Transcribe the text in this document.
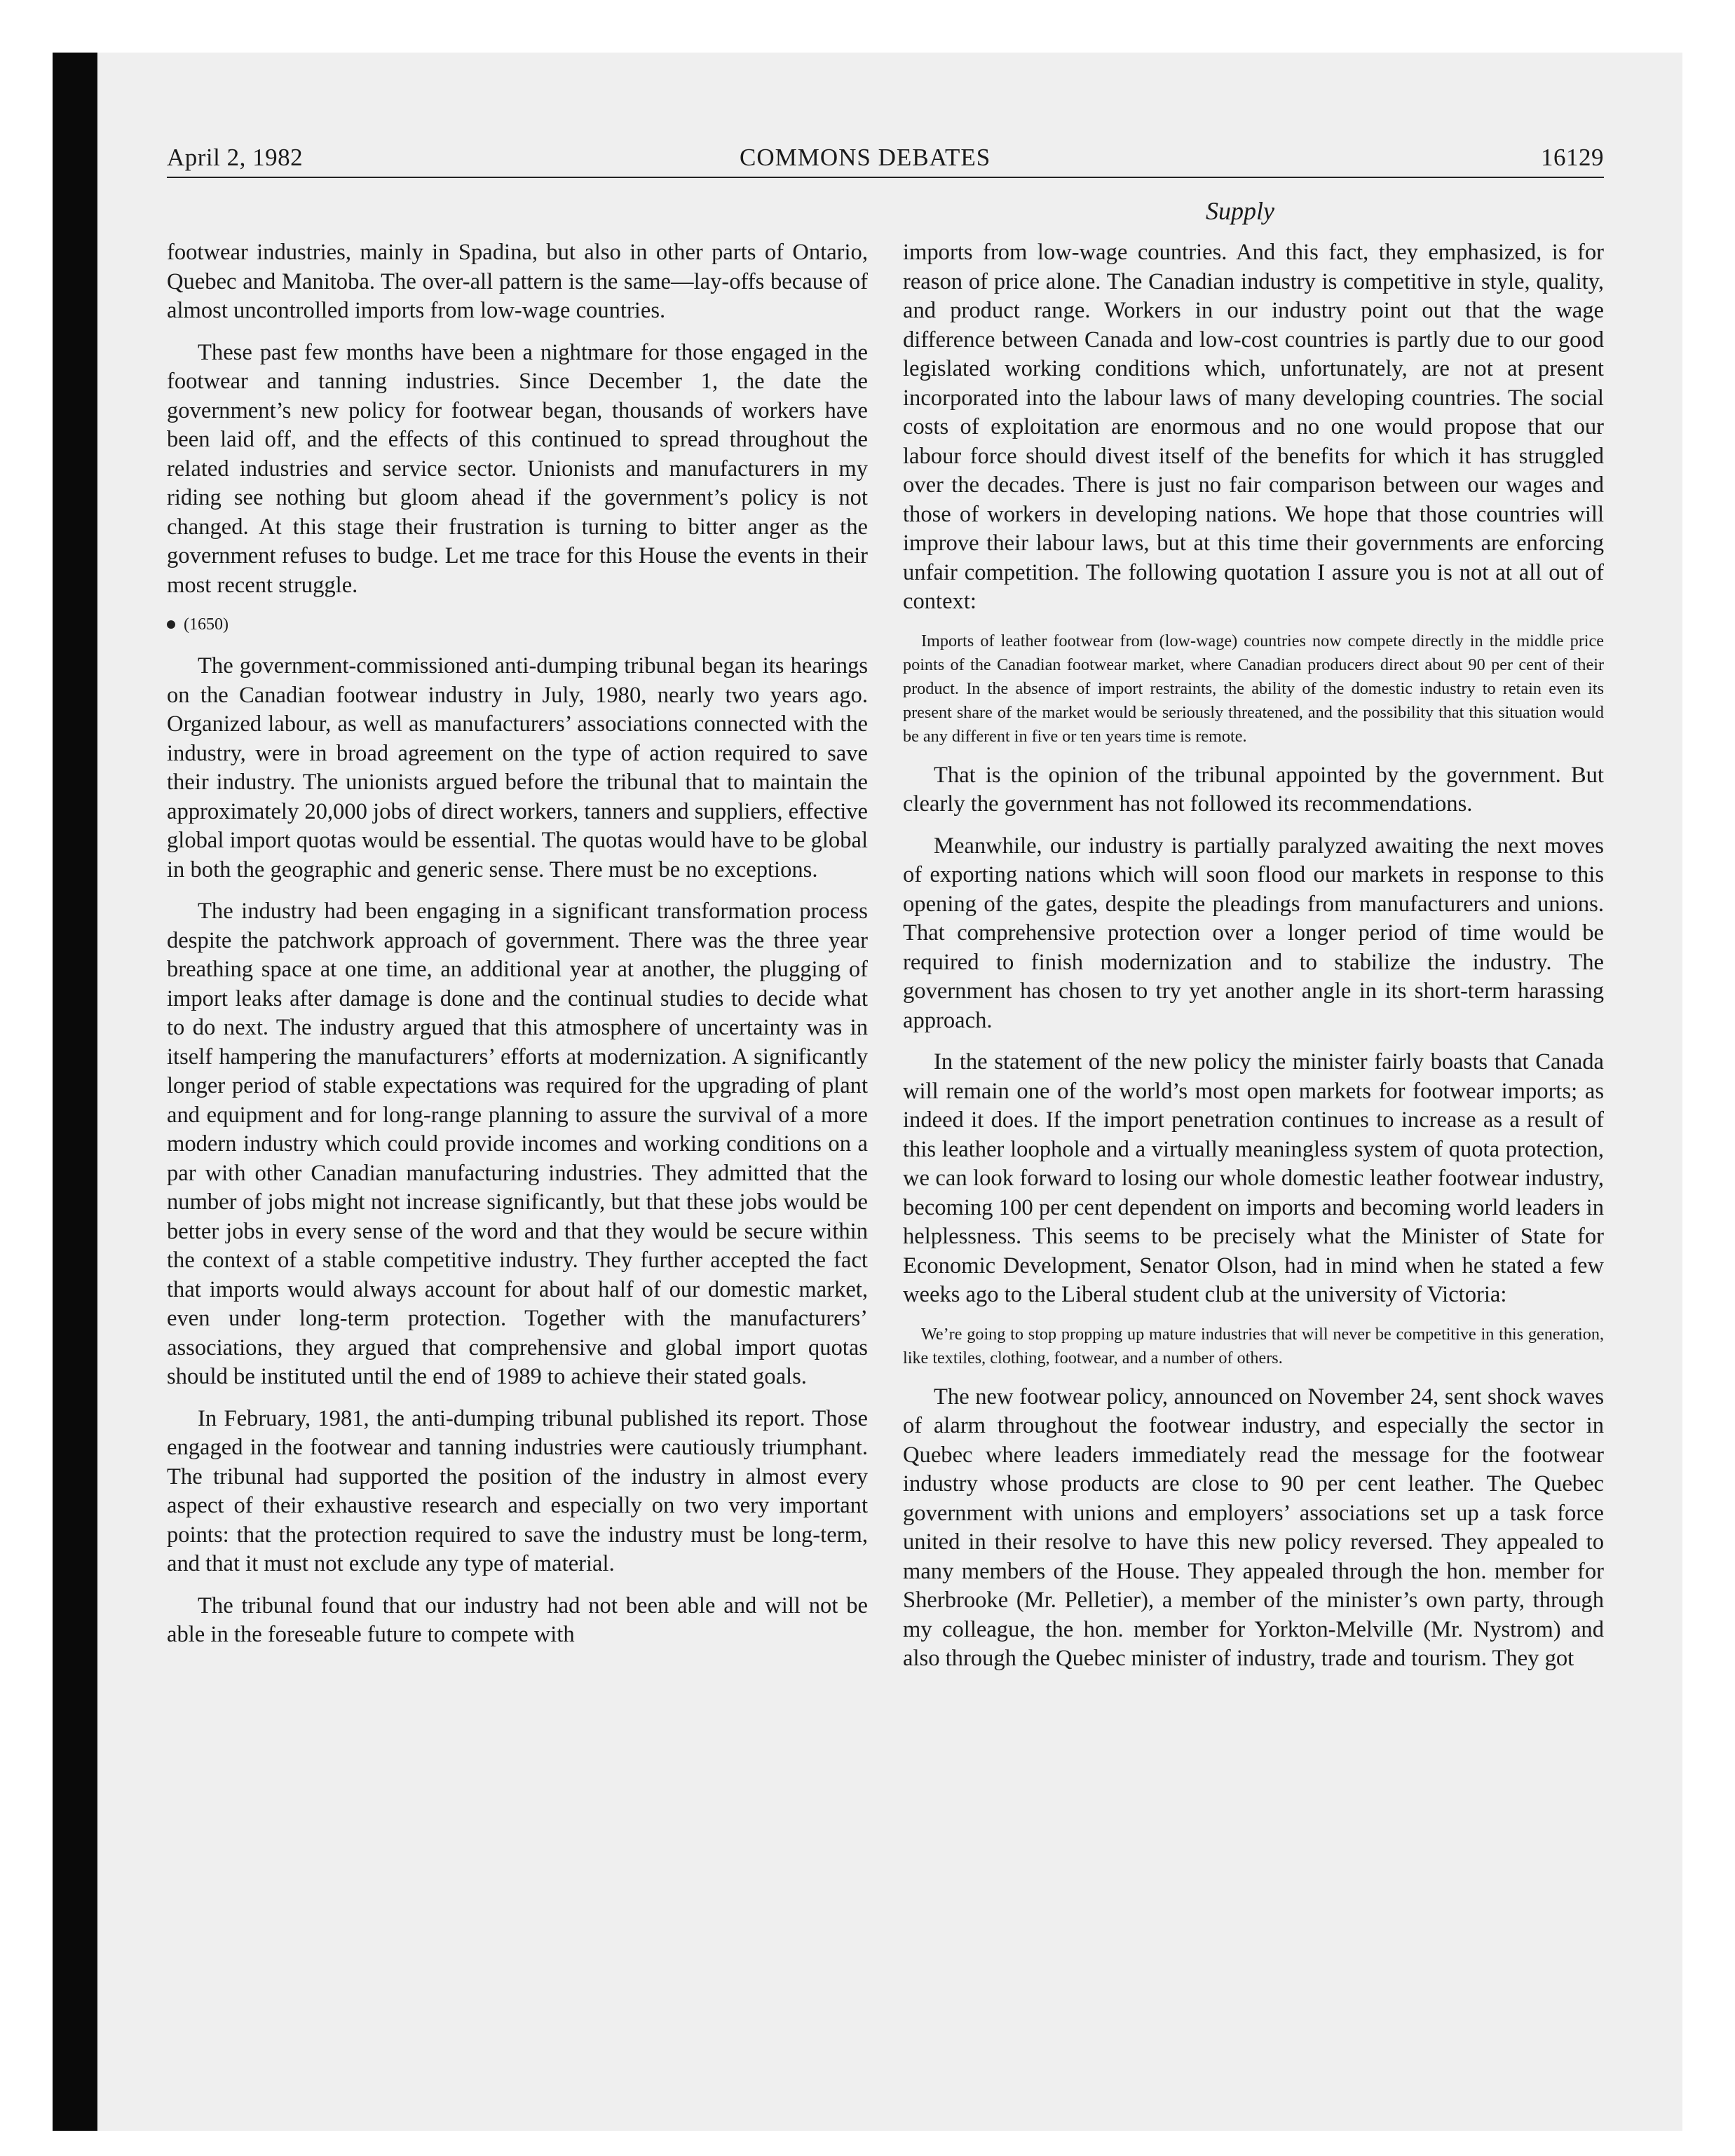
April 2, 1982	COMMONS DEBATES	16129
Supply

footwear industries, mainly in Spadina, but also in other parts of Ontario, Quebec and Manitoba. The over-all pattern is the same—lay-offs because of almost uncontrolled imports from low-wage countries.

These past few months have been a nightmare for those engaged in the footwear and tanning industries. Since December 1, the date the government’s new policy for footwear began, thousands of workers have been laid off, and the effects of this continued to spread throughout the related industries and service sector. Unionists and manufacturers in my riding see nothing but gloom ahead if the government’s policy is not changed. At this stage their frustration is turning to bitter anger as the government refuses to budge. Let me trace for this House the events in their most recent struggle.

(1650)

The government-commissioned anti-dumping tribunal began its hearings on the Canadian footwear industry in July, 1980, nearly two years ago. Organized labour, as well as manufacturers’ associations connected with the industry, were in broad agreement on the type of action required to save their industry. The unionists argued before the tribunal that to maintain the approximately 20,000 jobs of direct workers, tanners and suppliers, effective global import quotas would be essential. The quotas would have to be global in both the geographic and generic sense. There must be no exceptions.

The industry had been engaging in a significant transformation process despite the patchwork approach of government. There was the three year breathing space at one time, an additional year at another, the plugging of import leaks after damage is done and the continual studies to decide what to do next. The industry argued that this atmosphere of uncertainty was in itself hampering the manufacturers’ efforts at modernization. A significantly longer period of stable expectations was required for the upgrading of plant and equipment and for long-range planning to assure the survival of a more modern industry which could provide incomes and working conditions on a par with other Canadian manufacturing industries. They admitted that the number of jobs might not increase significantly, but that these jobs would be better jobs in every sense of the word and that they would be secure within the context of a stable competitive industry. They further accepted the fact that imports would always account for about half of our domestic market, even under long-term protection. Together with the manufacturers’ associations, they argued that comprehensive and global import quotas should be instituted until the end of 1989 to achieve their stated goals.

In February, 1981, the anti-dumping tribunal published its report. Those engaged in the footwear and tanning industries were cautiously triumphant. The tribunal had supported the position of the industry in almost every aspect of their exhaustive research and especially on two very important points: that the protection required to save the industry must be long-term, and that it must not exclude any type of material.

The tribunal found that our industry had not been able and will not be able in the foreseable future to compete with

imports from low-wage countries. And this fact, they emphasized, is for reason of price alone. The Canadian industry is competitive in style, quality, and product range. Workers in our industry point out that the wage difference between Canada and low-cost countries is partly due to our good legislated working conditions which, unfortunately, are not at present incorporated into the labour laws of many developing countries. The social costs of exploitation are enormous and no one would propose that our labour force should divest itself of the benefits for which it has struggled over the decades. There is just no fair comparison between our wages and those of workers in developing nations. We hope that those countries will improve their labour laws, but at this time their governments are enforcing unfair competition. The following quotation I assure you is not at all out of context:

Imports of leather footwear from (low-wage) countries now compete directly in the middle price points of the Canadian footwear market, where Canadian producers direct about 90 per cent of their product. In the absence of import restraints, the ability of the domestic industry to retain even its present share of the market would be seriously threatened, and the possibility that this situation would be any different in five or ten years time is remote.

That is the opinion of the tribunal appointed by the government. But clearly the government has not followed its recommendations.

Meanwhile, our industry is partially paralyzed awaiting the next moves of exporting nations which will soon flood our markets in response to this opening of the gates, despite the pleadings from manufacturers and unions. That comprehensive protection over a longer period of time would be required to finish modernization and to stabilize the industry. The government has chosen to try yet another angle in its short-term harassing approach.

In the statement of the new policy the minister fairly boasts that Canada will remain one of the world’s most open markets for footwear imports; as indeed it does. If the import penetration continues to increase as a result of this leather loophole and a virtually meaningless system of quota protection, we can look forward to losing our whole domestic leather footwear industry, becoming 100 per cent dependent on imports and becoming world leaders in helplessness. This seems to be precisely what the Minister of State for Economic Development, Senator Olson, had in mind when he stated a few weeks ago to the Liberal student club at the university of Victoria:

We’re going to stop propping up mature industries that will never be competitive in this generation, like textiles, clothing, footwear, and a number of others.

The new footwear policy, announced on November 24, sent shock waves of alarm throughout the footwear industry, and especially the sector in Quebec where leaders immediately read the message for the footwear industry whose products are close to 90 per cent leather. The Quebec government with unions and employers’ associations set up a task force united in their resolve to have this new policy reversed. They appealed to many members of the House. They appealed through the hon. member for Sherbrooke (Mr. Pelletier), a member of the minister’s own party, through my colleague, the hon. member for Yorkton-Melville (Mr. Nystrom) and also through the Quebec minister of industry, trade and tourism. They got
